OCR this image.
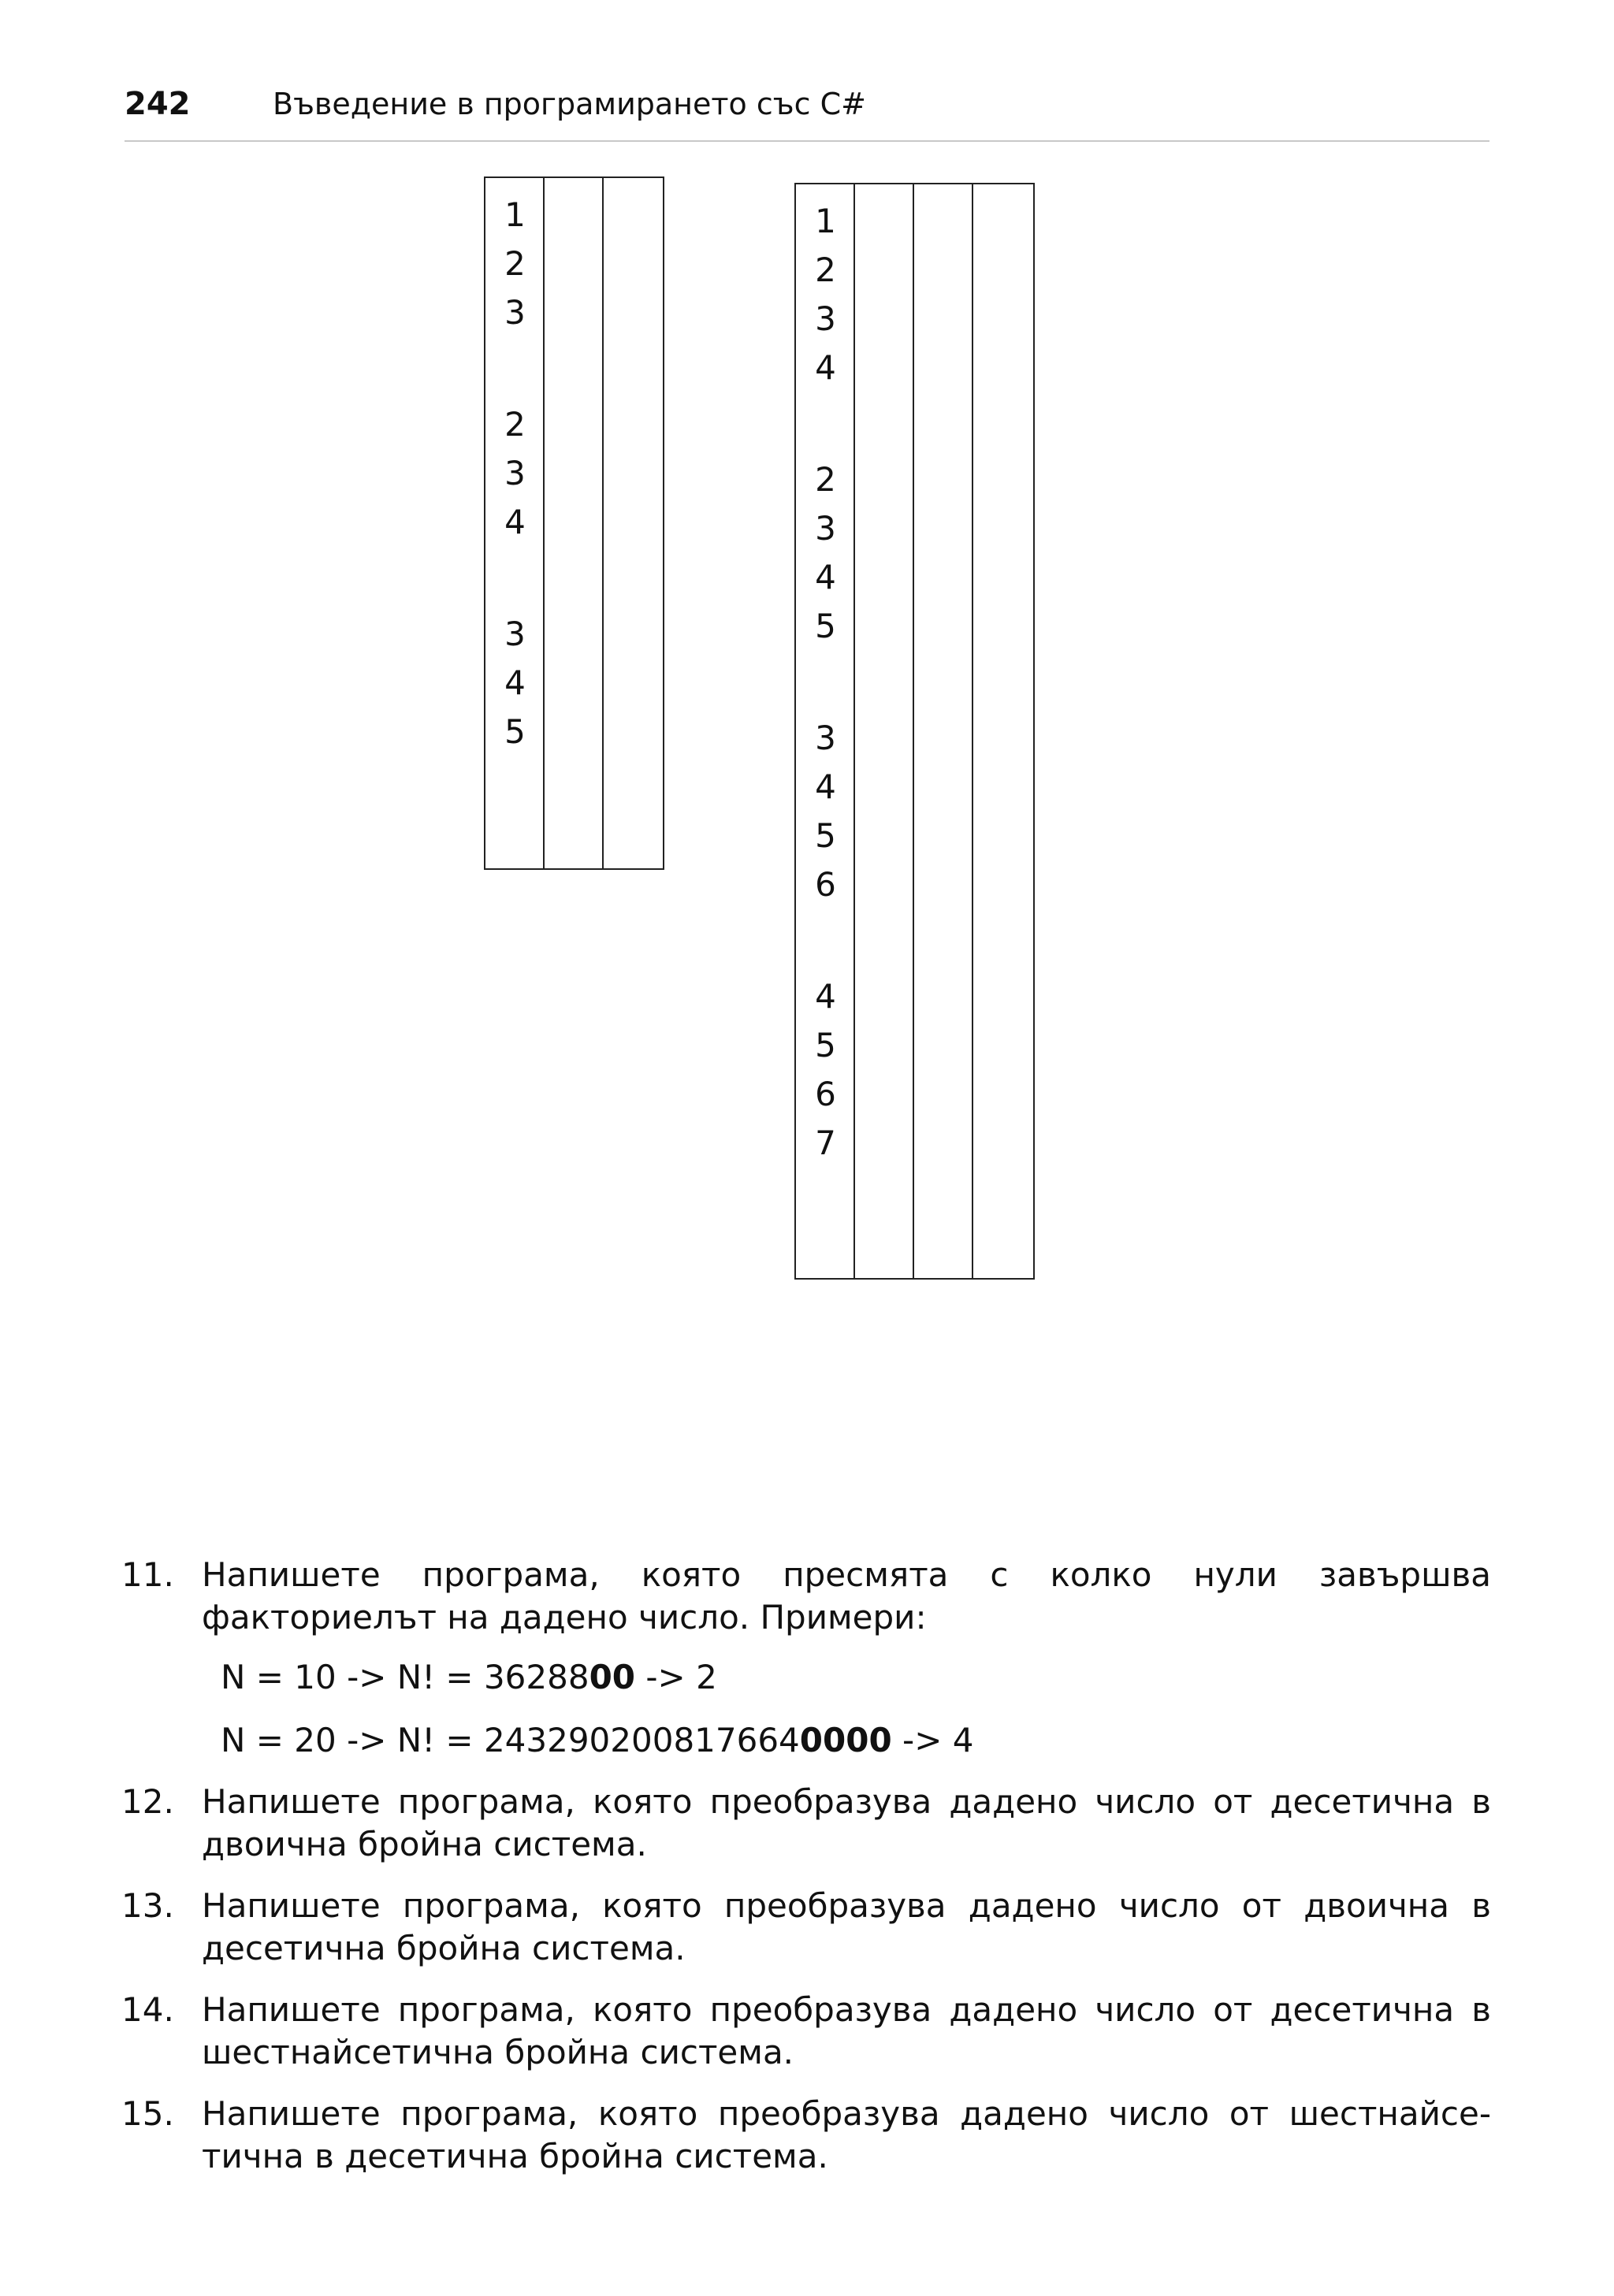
242	Въведение в програмирането със C#
1
2
3
2
3
4
3
4
5
1
2
3
4
2
3
4
5
3
4
5
6
4
5
6
7
11. Напишете програма, която пресмята с колко нули завършва
факториелът на дадено число. Примери:
N = 10 -> N! = 3628800 -> 2
N = 20 -> N! = 2432902008176640000 -> 4
12. Напишете програма, която преобразува дадено число от десетична в
двоична бройна система.
13. Напишете програма, която преобразува дадено число от двоична в
десетична бройна система.
14. Напишете програма, която преобразува дадено число от десетична в
шестнайсетична бройна система.
15. Напишете програма, която преобразува дадено число от шестнайсе-
тична в десетична бройна система.
